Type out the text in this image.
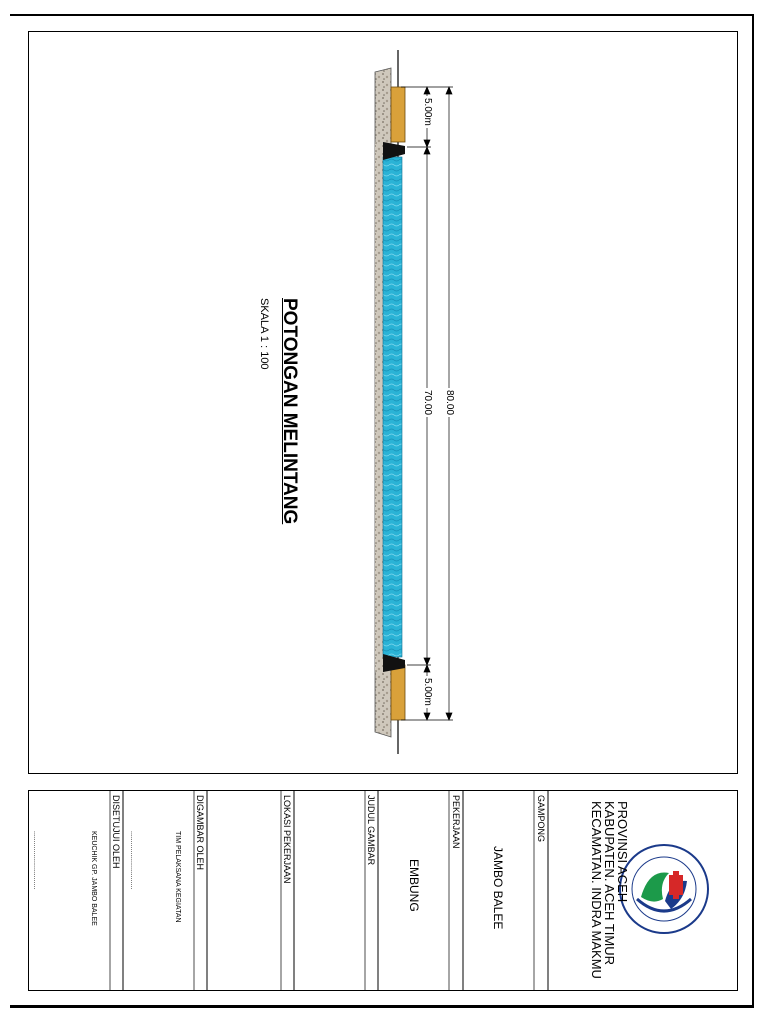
POTONGAN MELINTANG
SKALA 1 : 100
80.00
70.00
5.00m
5.00m
PROVINSI ACEH
KABUPATEN. ACEH TIMUR
KECAMATAN. INDRA MAKMU
GAMPONG
JAMBO BALEE
PEKERJAAN
EMBUNG
JUDUL GAMBAR
LOKASI PEKERJAAN
DIGAMBAR OLEH
TIM PELAKSANA KEGIATAN
..............................
DISETUJUI OLEH
KEUCHIK GP. JAMBO BALEE
..............................
